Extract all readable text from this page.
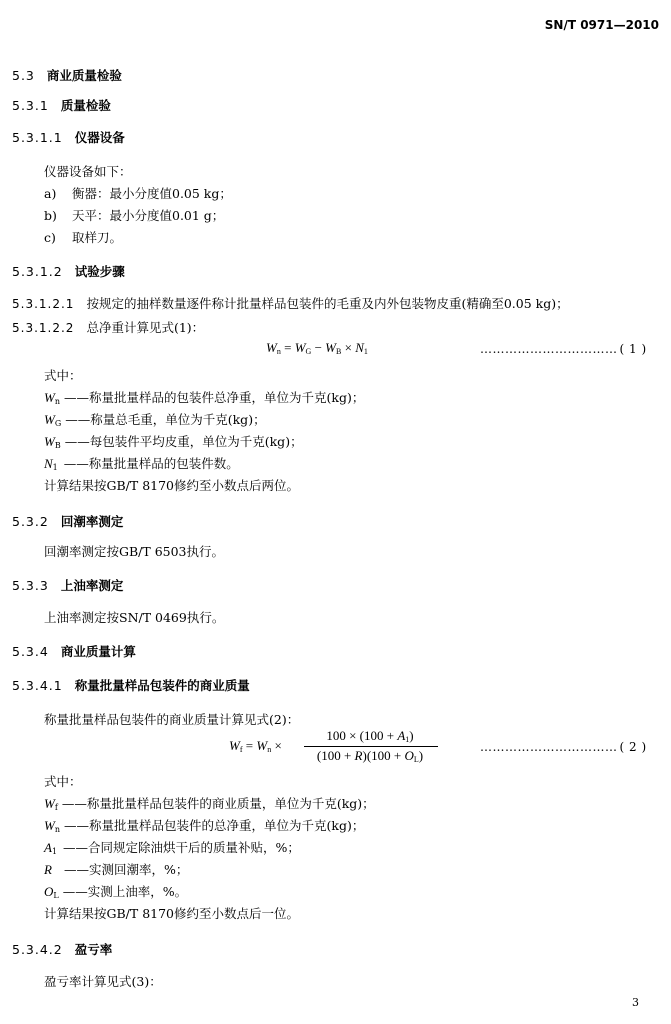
SN/T 0971—2010
5.3 商业质量检验
5.3.1 质量检验
5.3.1.1 仪器设备
仪器设备如下：
a) 衡器：最小分度值0.05 kg；
b) 天平：最小分度值0.01 g；
c) 取样刀。
5.3.1.2 试验步骤
5.3.1.2.1 按规定的抽样数量逐件称计批量样品包装件的毛重及内外包装物皮重(精确至0.05 kg)；
5.3.1.2.2 总净重计算见式(1)：
$W_n = W_G - W_B \times N_1$	…………………………… ( 1 )
式中：
$W_n$ ——称量批量样品的包装件总净重，单位为千克(kg)；
$W_G$ ——称量总毛重，单位为千克(kg)；
$W_B$ ——每包装件平均皮重，单位为千克(kg)；
$N_1$ ——称量批量样品的包装件数。
计算结果按GB/T 8170修约至小数点后两位。
5.3.2 回潮率测定
回潮率测定按GB/T 6503执行。
5.3.3 上油率测定
上油率测定按SN/T 0469执行。
5.3.4 商业质量计算
5.3.4.1 称量批量样品包装件的商业质量
称量批量样品包装件的商业质量计算见式(2)：
$W_f = W_n$ ×
$100 \times (100 + A_1)$
$(100 + R)(100 + O_L)$
…………………………… ( 2 )
式中：
$W_f$ ——称量批量样品包装件的商业质量，单位为千克(kg)；
$W_n$ ——称量批量样品包装件的总净重，单位为千克(kg)；
$A_1$ ——合同规定除油烘干后的质量补贴，%；
R ——实测回潮率，%；
$O_L$ ——实测上油率，%。
计算结果按GB/T 8170修约至小数点后一位。
5.3.4.2 盈亏率
盈亏率计算见式(3)：
3
